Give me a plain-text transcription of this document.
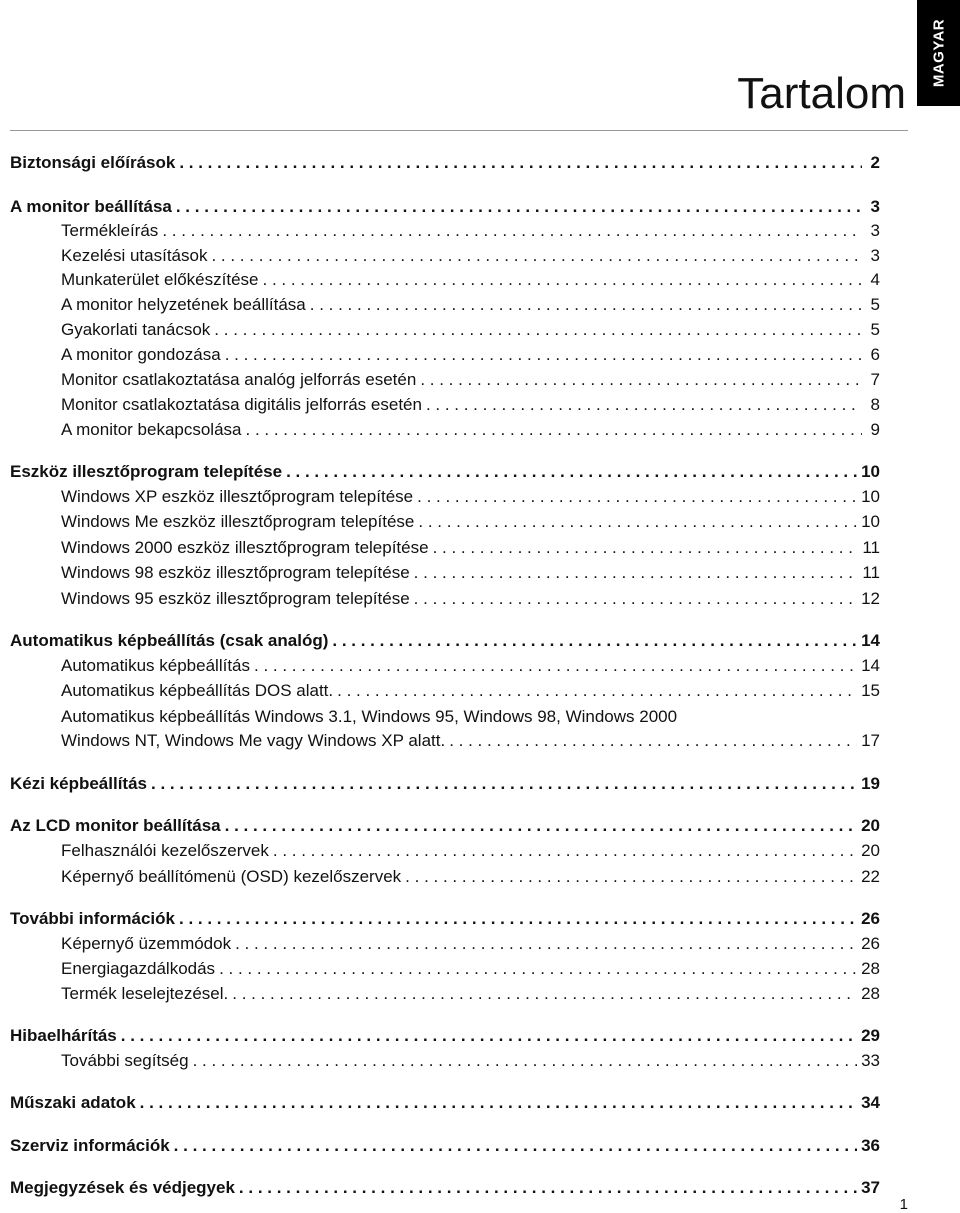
MAGYAR
Tartalom
Biztonsági előírások . . .	2
A monitor beállítása . . .	3
Termékleírás . . .	3
Kezelési utasítások . . .	3
Munkaterület előkészítése . . .	4
A monitor helyzetének beállítása . . .	5
Gyakorlati tanácsok . . .	5
A monitor gondozása . . .	6
Monitor csatlakoztatása analóg jelforrás esetén . . .	7
Monitor csatlakoztatása digitális jelforrás esetén . . .	8
A monitor bekapcsolása . . .	9
Eszköz illesztőprogram telepítése . . .	10
Windows XP eszköz illesztőprogram telepítése . . .	10
Windows Me eszköz illesztőprogram telepítése . . .	10
Windows 2000 eszköz illesztőprogram telepítése . . .	11
Windows 98 eszköz illesztőprogram telepítése . . .	11
Windows 95 eszköz illesztőprogram telepítése . . .	12
Automatikus képbeállítás (csak analóg) . . .	14
Automatikus képbeállítás . . .	14
Automatikus képbeállítás DOS alatt. . . .	15
Automatikus képbeállítás Windows 3.1, Windows 95, Windows 98, Windows 2000
Windows NT, Windows Me vagy Windows XP alatt. . . .	17
Kézi képbeállítás . . .	19
Az LCD monitor beállítása . . .	20
Felhasználói kezelőszervek . . .	20
Képernyő beállítómenü (OSD) kezelőszervek . . .	22
További információk . . .	26
Képernyő üzemmódok . . .	26
Energiagazdálkodás . . .	28
Termék leselejtezésel. . . .	28
Hibaelhárítás . . .	29
További segítség . . .	33
Műszaki adatok . . .	34
Szerviz információk . . .	36
Megjegyzések és védjegyek . . .	37
1
